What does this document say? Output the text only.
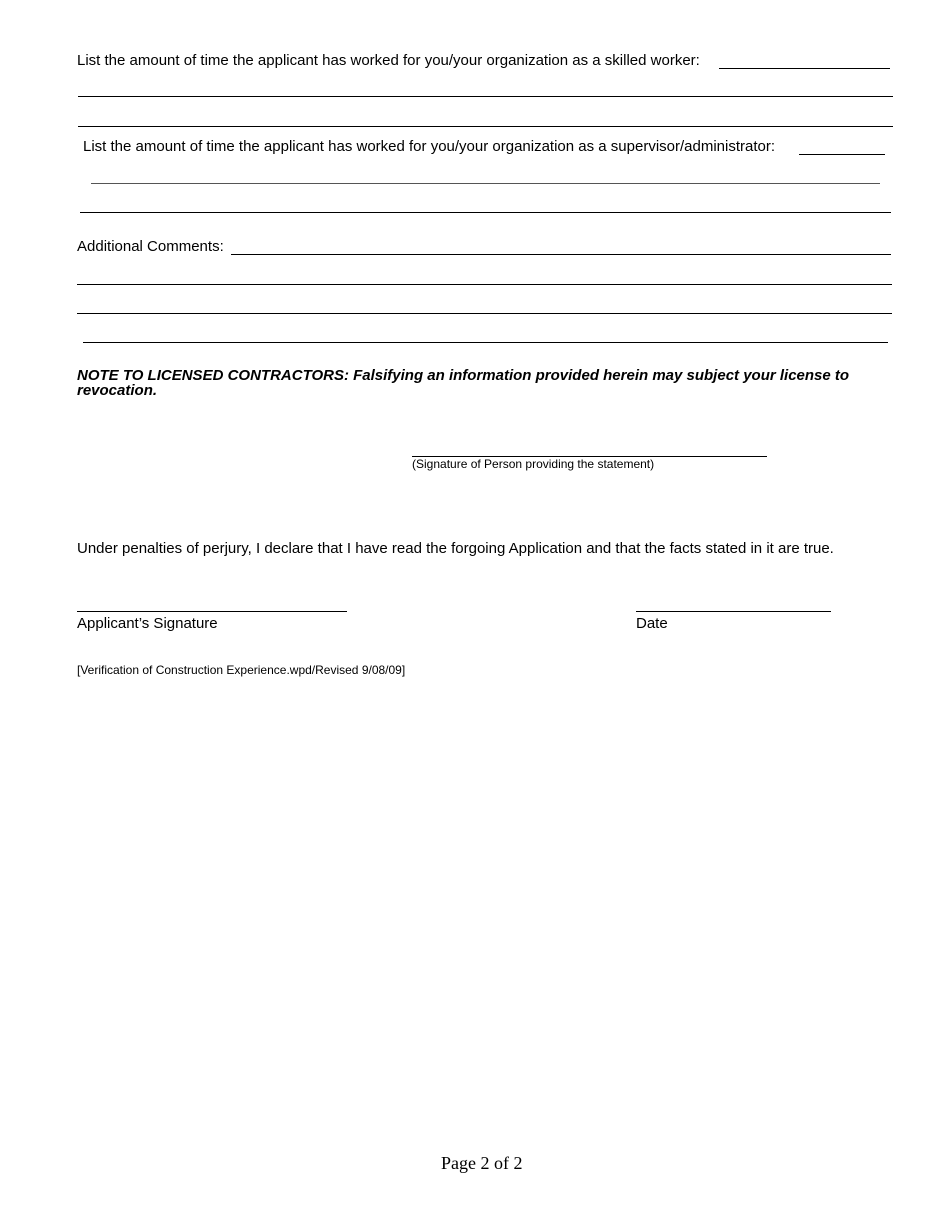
List the amount of time the applicant has worked for you/your organization as a skilled worker:
List the amount of time the applicant has worked for you/your organization as a supervisor/administrator:
Additional Comments:
NOTE TO LICENSED CONTRACTORS: Falsifying an information provided herein may subject your license to revocation.
(Signature of Person providing the statement)
Under penalties of perjury, I declare that I have read the forgoing Application and that the facts stated in it are true.
Applicant’s Signature	Date
[Verification of Construction Experience.wpd/Revised 9/08/09]
Page 2 of 2
